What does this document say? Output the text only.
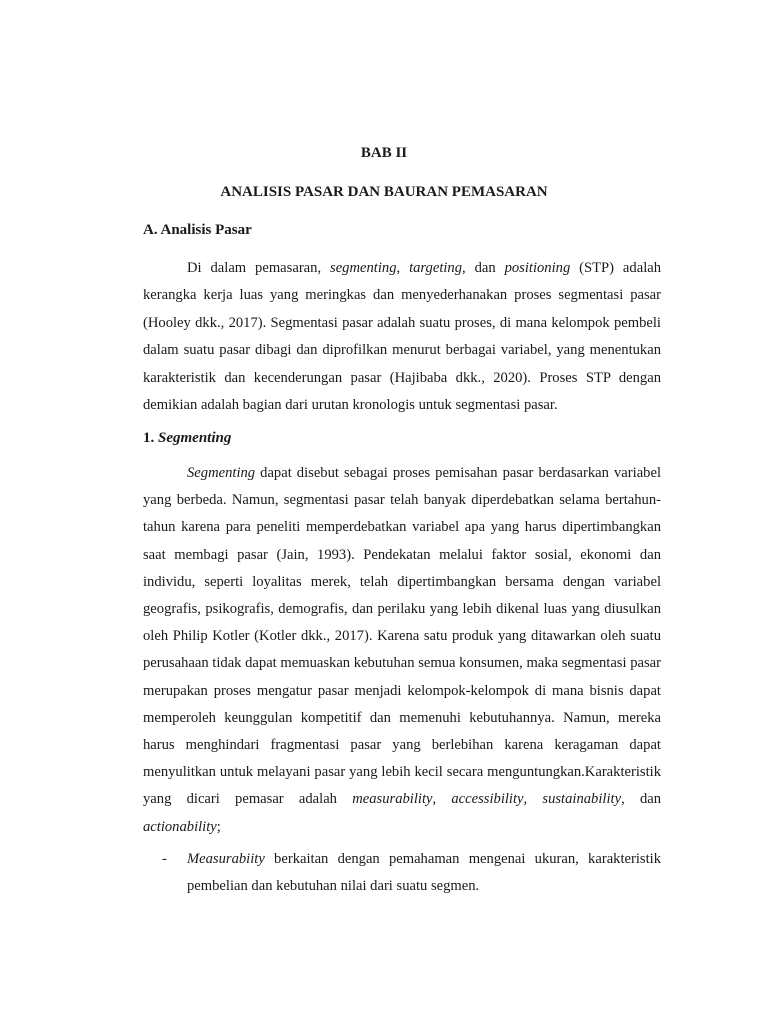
BAB II
ANALISIS PASAR DAN BAURAN PEMASARAN
A. Analisis Pasar

Di dalam pemasaran, segmenting, targeting, dan positioning (STP) adalah kerangka kerja luas yang meringkas dan menyederhanakan proses segmentasi pasar (Hooley dkk., 2017). Segmentasi pasar adalah suatu proses, di mana kelompok pembeli dalam suatu pasar dibagi dan diprofilkan menurut berbagai variabel, yang menentukan karakteristik dan kecenderungan pasar (Hajibaba dkk., 2020). Proses STP dengan demikian adalah bagian dari urutan kronologis untuk segmentasi pasar.

1. Segmenting

Segmenting dapat disebut sebagai proses pemisahan pasar berdasarkan variabel yang berbeda. Namun, segmentasi pasar telah banyak diperdebatkan selama bertahun-tahun karena para peneliti memperdebatkan variabel apa yang harus dipertimbangkan saat membagi pasar (Jain, 1993). Pendekatan melalui faktor sosial, ekonomi dan individu, seperti loyalitas merek, telah dipertimbangkan bersama dengan variabel geografis, psikografis, demografis, dan perilaku yang lebih dikenal luas yang diusulkan oleh Philip Kotler (Kotler dkk., 2017). Karena satu produk yang ditawarkan oleh suatu perusahaan tidak dapat memuaskan kebutuhan semua konsumen, maka segmentasi pasar merupakan proses mengatur pasar menjadi kelompok-kelompok di mana bisnis dapat memperoleh keunggulan kompetitif dan memenuhi kebutuhannya. Namun, mereka harus menghindari fragmentasi pasar yang berlebihan karena keragaman dapat menyulitkan untuk melayani pasar yang lebih kecil secara menguntungkan.Karakteristik yang dicari pemasar adalah measurability, accessibility, sustainability, dan actionability;

- Measurabiity berkaitan dengan pemahaman mengenai ukuran, karakteristik pembelian dan kebutuhan nilai dari suatu segmen.
